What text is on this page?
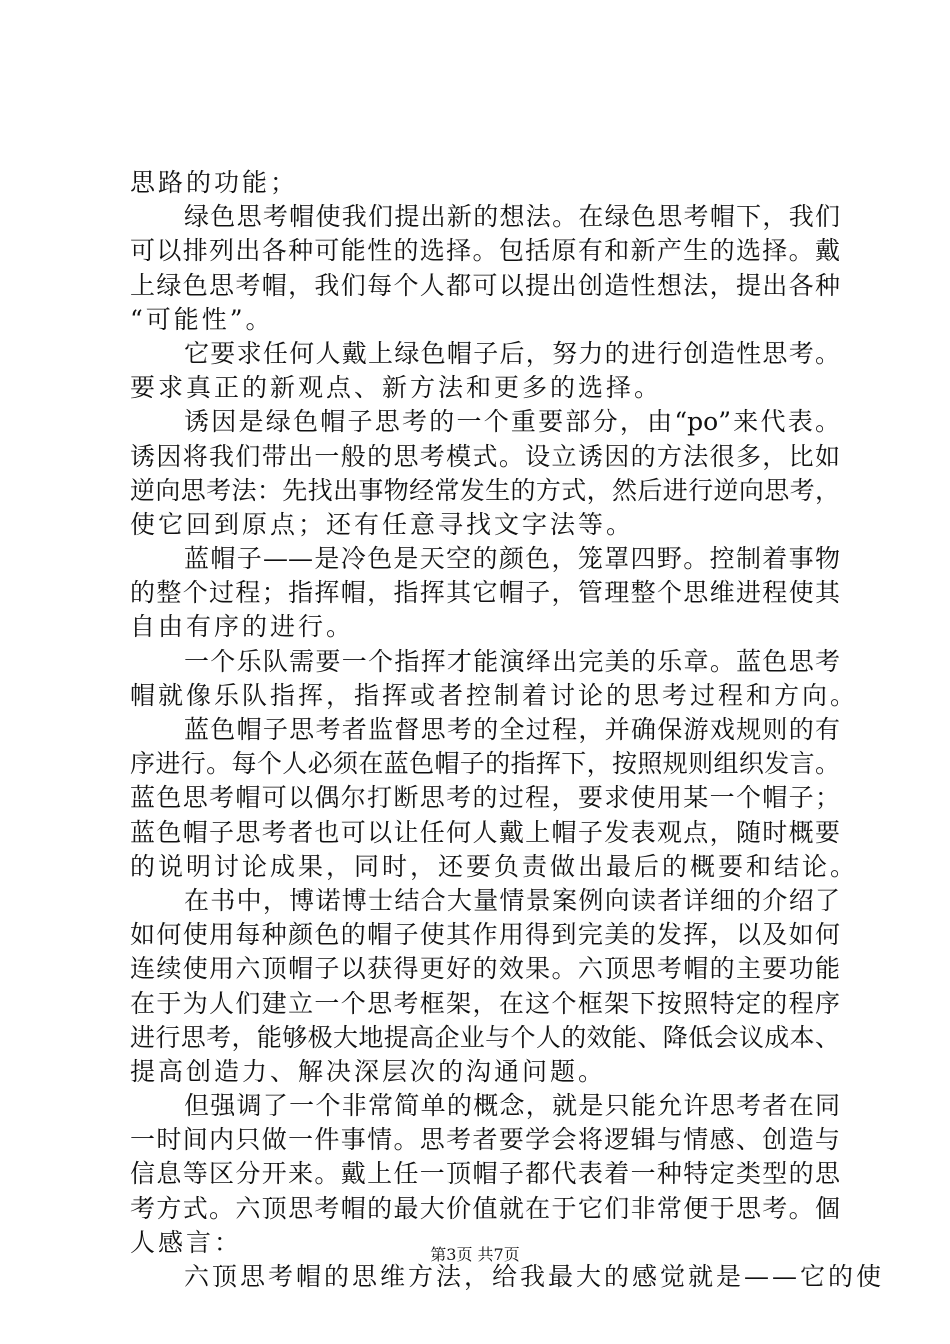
思路的功能；
绿色思考帽使我们提出新的想法。在绿色思考帽下，我们
可以排列出各种可能性的选择。包括原有和新产生的选择。戴
上绿色思考帽，我们每个人都可以提出创造性想法，提出各种
“可能性”。
它要求任何人戴上绿色帽子后，努力的进行创造性思考。
要求真正的新观点、新方法和更多的选择。
诱因是绿色帽子思考的一个重要部分，由“po”来代表。
诱因将我们带出一般的思考模式。设立诱因的方法很多，比如
逆向思考法：先找出事物经常发生的方式，然后进行逆向思考，
使它回到原点；还有任意寻找文字法等。
蓝帽子——是冷色是天空的颜色，笼罩四野。控制着事物
的整个过程；指挥帽，指挥其它帽子，管理整个思维进程使其
自由有序的进行。
一个乐队需要一个指挥才能演绎出完美的乐章。蓝色思考
帽就像乐队指挥，指挥或者控制着讨论的思考过程和方向。
蓝色帽子思考者监督思考的全过程，并确保游戏规则的有
序进行。每个人必须在蓝色帽子的指挥下，按照规则组织发言。
蓝色思考帽可以偶尔打断思考的过程，要求使用某一个帽子；
蓝色帽子思考者也可以让任何人戴上帽子发表观点，随时概要
的说明讨论成果，同时，还要负责做出最后的概要和结论。
在书中，博诺博士结合大量情景案例向读者详细的介绍了
如何使用每种颜色的帽子使其作用得到完美的发挥，以及如何
连续使用六顶帽子以获得更好的效果。六顶思考帽的主要功能
在于为人们建立一个思考框架，在这个框架下按照特定的程序
进行思考，能够极大地提高企业与个人的效能、降低会议成本、
提高创造力、解决深层次的沟通问题。
但强调了一个非常简单的概念，就是只能允许思考者在同
一时间内只做一件事情。思考者要学会将逻辑与情感、创造与
信息等区分开来。戴上任一顶帽子都代表着一种特定类型的思
考方式。六顶思考帽的最大价值就在于它们非常便于思考。個
人感言：
六顶思考帽的思维方法，给我最大的感觉就是——它的使
第3页 共7页
